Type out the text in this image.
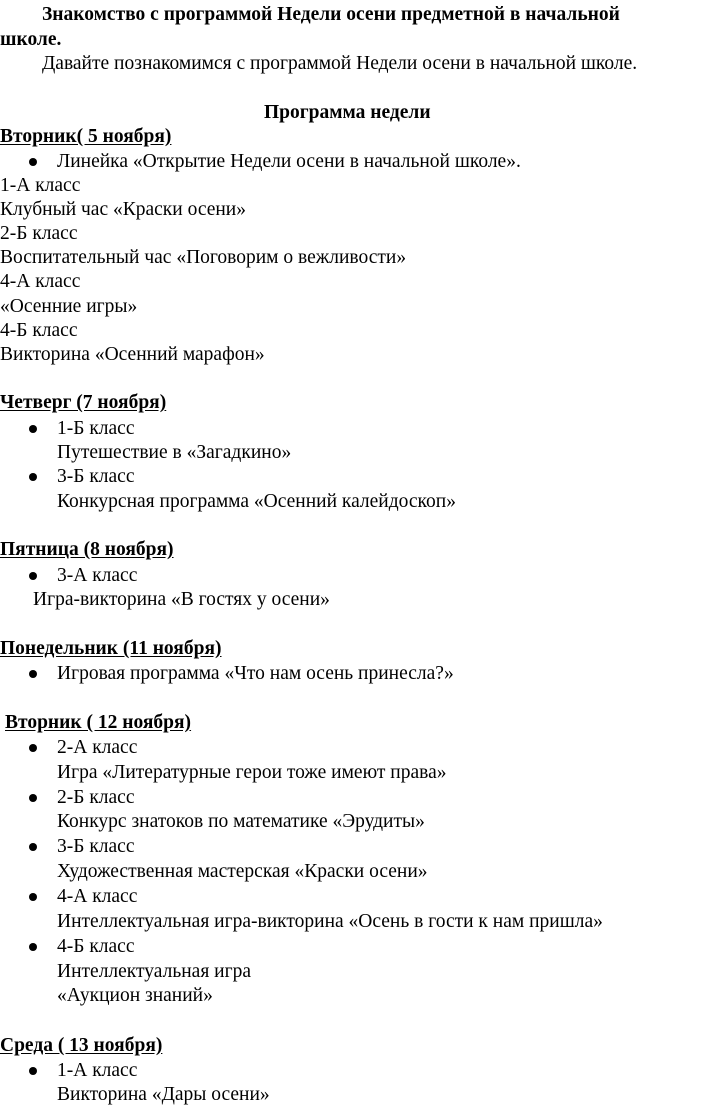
Знакомство с программой Недели осени предметной в начальной
школе.
Давайте познакомимся с программой Недели осени в начальной школе.
Программа недели
Вторник( 5 ноября)
Линейка «Открытие Недели осени в начальной школе».
1-А класс
Клубный час «Краски осени»
2-Б класс
Воспитательный час «Поговорим о вежливости»
4-А класс
«Осенние игры»
4-Б класс
Викторина «Осенний марафон»
Четверг (7 ноября)
1-Б класс
Путешествие в «Загадкино»
3-Б класс
Конкурсная программа «Осенний калейдоскоп»
Пятница (8 ноября)
3-А класс
Игра-викторина «В гостях у осени»
Понедельник (11 ноября)
Игровая программа «Что нам осень принесла?»
Вторник ( 12 ноября)
2-А класс
Игра «Литературные герои тоже имеют права»
2-Б класс
Конкурс знатоков по математике «Эрудиты»
3-Б класс
Художественная мастерская «Краски осени»
4-А класс
Интеллектуальная игра-викторина «Осень в гости к нам пришла»
4-Б класс
Интеллектуальная игра
«Аукцион знаний»
Среда ( 13 ноября)
1-А класс
Викторина «Дары осени»
